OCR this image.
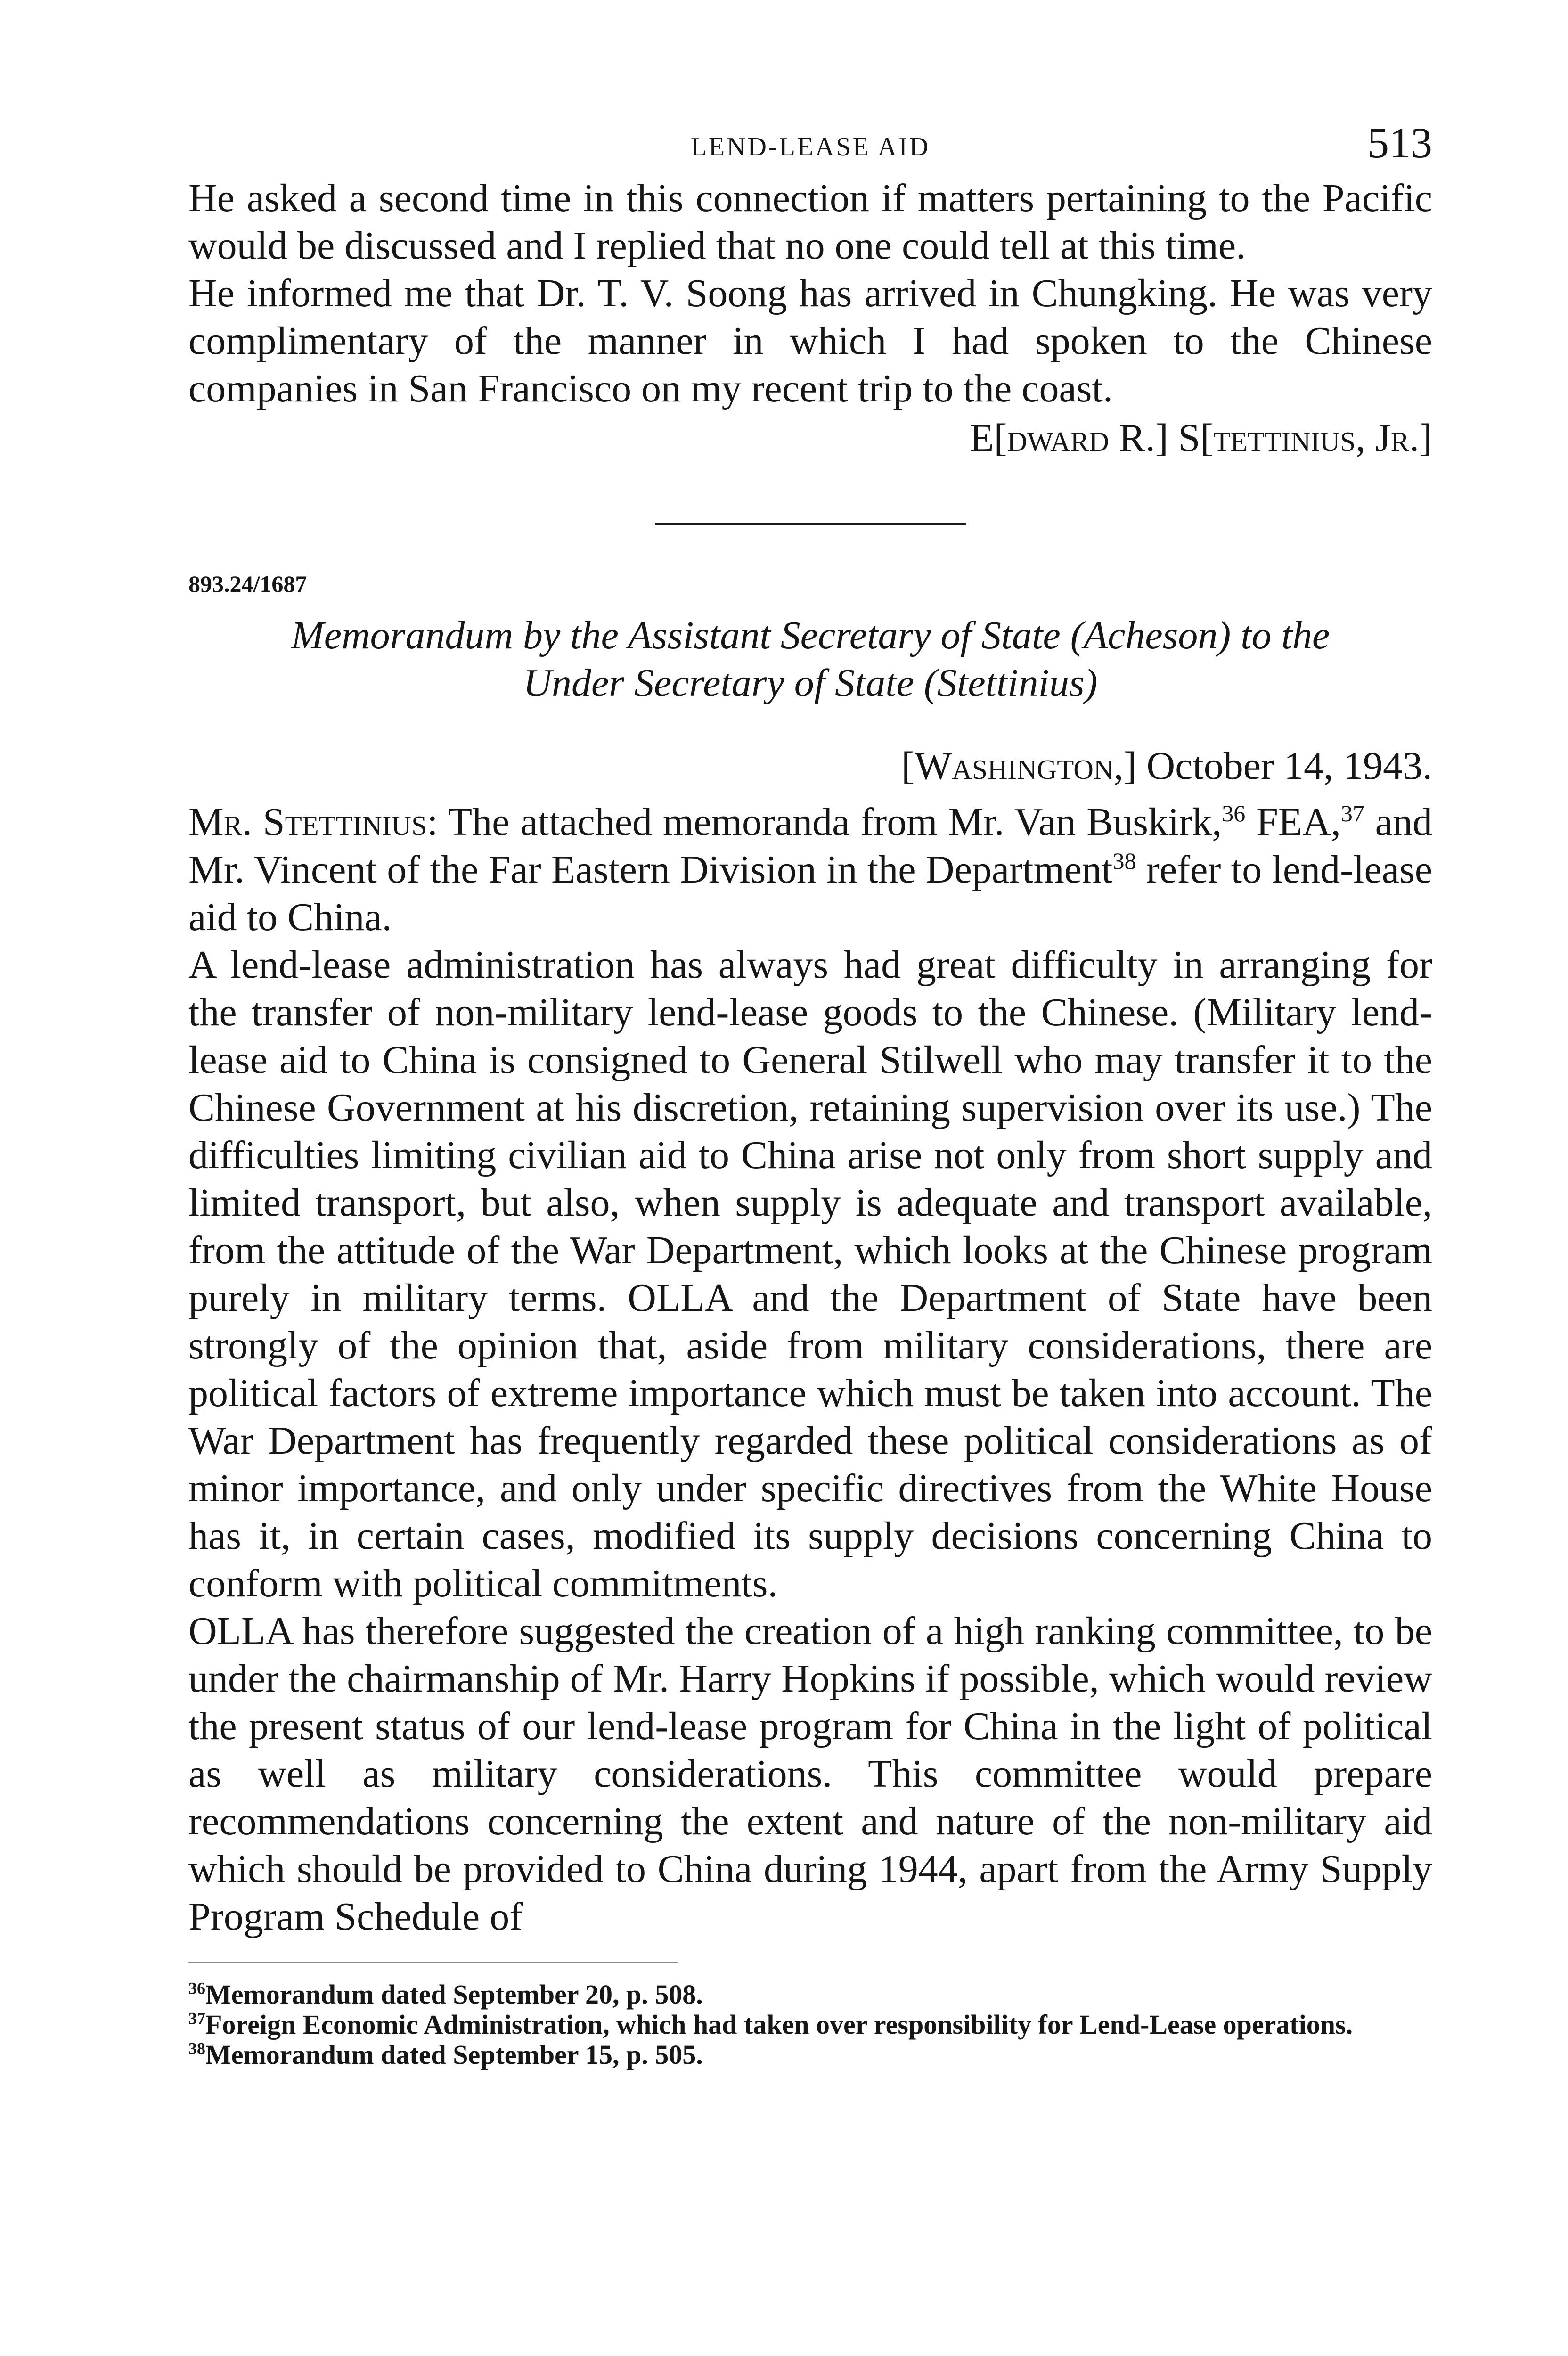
LEND-LEASE AID	513

He asked a second time in this connection if matters pertaining to the Pacific would be discussed and I replied that no one could tell at this time.

He informed me that Dr. T. V. Soong has arrived in Chungking. He was very complimentary of the manner in which I had spoken to the Chinese companies in San Francisco on my recent trip to the coast.

E[dward R.] S[tettinius, Jr.]
893.24/1687
Memorandum by the Assistant Secretary of State (Acheson) to the
Under Secretary of State (Stettinius)
[Washington,] October 14, 1943.

Mr. Stettinius: The attached memoranda from Mr. Van Buskirk,$^{36}$ FEA,$^{37}$ and Mr. Vincent of the Far Eastern Division in the Department$^{38}$ refer to lend-lease aid to China.

A lend-lease administration has always had great difficulty in arranging for the transfer of non-military lend-lease goods to the Chinese. (Military lend-lease aid to China is consigned to General Stilwell who may transfer it to the Chinese Government at his discretion, retaining supervision over its use.) The difficulties limiting civilian aid to China arise not only from short supply and limited transport, but also, when supply is adequate and transport available, from the attitude of the War Department, which looks at the Chinese program purely in military terms. OLLA and the Department of State have been strongly of the opinion that, aside from military considerations, there are political factors of extreme importance which must be taken into account. The War Department has frequently regarded these political considerations as of minor importance, and only under specific directives from the White House has it, in certain cases, modified its supply decisions concerning China to conform with political commitments.

OLLA has therefore suggested the creation of a high ranking committee, to be under the chairmanship of Mr. Harry Hopkins if possible, which would review the present status of our lend-lease program for China in the light of political as well as military considerations. This committee would prepare recommendations concerning the extent and nature of the non-military aid which should be provided to China during 1944, apart from the Army Supply Program Schedule of

$^{36}$Memorandum dated September 20, p. 508.

$^{37}$Foreign Economic Administration, which had taken over responsibility for Lend-Lease operations.

$^{38}$Memorandum dated September 15, p. 505.
